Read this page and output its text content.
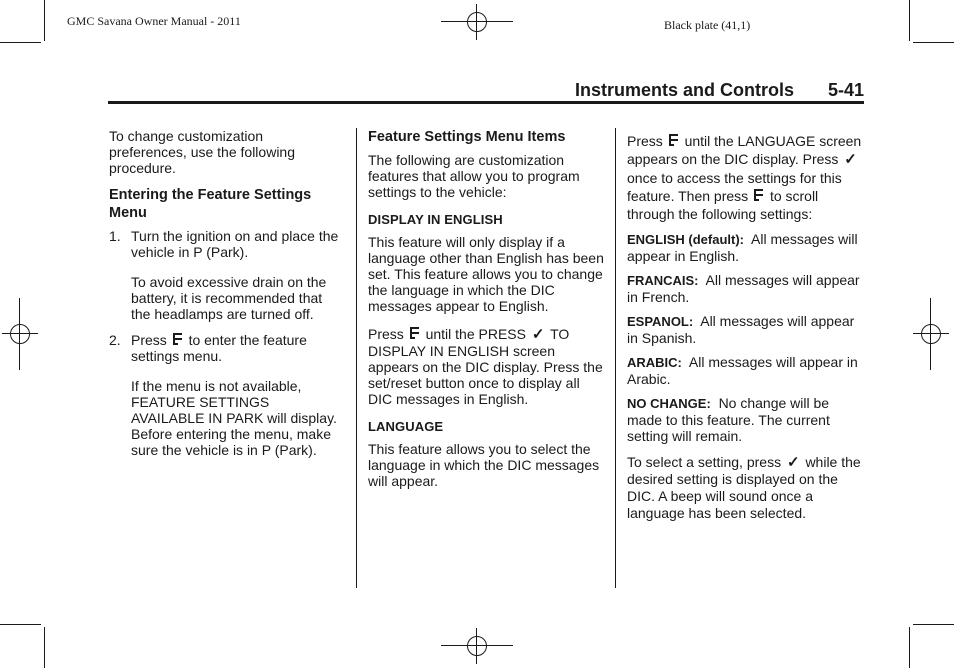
GMC Savana Owner Manual - 2011	Black plate (41,1)
Instruments and Controls 5-41

To change customization preferences, use the following procedure.

Entering the Feature Settings Menu
1. Turn the ignition on and place the vehicle in P (Park).

To avoid excessive drain on the battery, it is recommended that the headlamps are turned off.

2. Press to enter the feature settings menu.

If the menu is not available, FEATURE SETTINGS AVAILABLE IN PARK will display. Before entering the menu, make sure the vehicle is in P (Park).

Feature Settings Menu Items

The following are customization features that allow you to program settings to the vehicle:

DISPLAY IN ENGLISH

This feature will only display if a language other than English has been set. This feature allows you to change the language in which the DIC messages appear to English.

Press until the PRESS ✓ TO DISPLAY IN ENGLISH screen appears on the DIC display. Press the set/reset button once to display all DIC messages in English.

LANGUAGE

This feature allows you to select the language in which the DIC messages will appear.

Press until the LANGUAGE screen appears on the DIC display. Press ✓ once to access the settings for this feature. Then press to scroll through the following settings:

ENGLISH (default): All messages will appear in English.

FRANCAIS: All messages will appear in French.

ESPANOL: All messages will appear in Spanish.

ARABIC: All messages will appear in Arabic.

NO CHANGE: No change will be made to this feature. The current setting will remain.

To select a setting, press ✓ while the desired setting is displayed on the DIC. A beep will sound once a language has been selected.
